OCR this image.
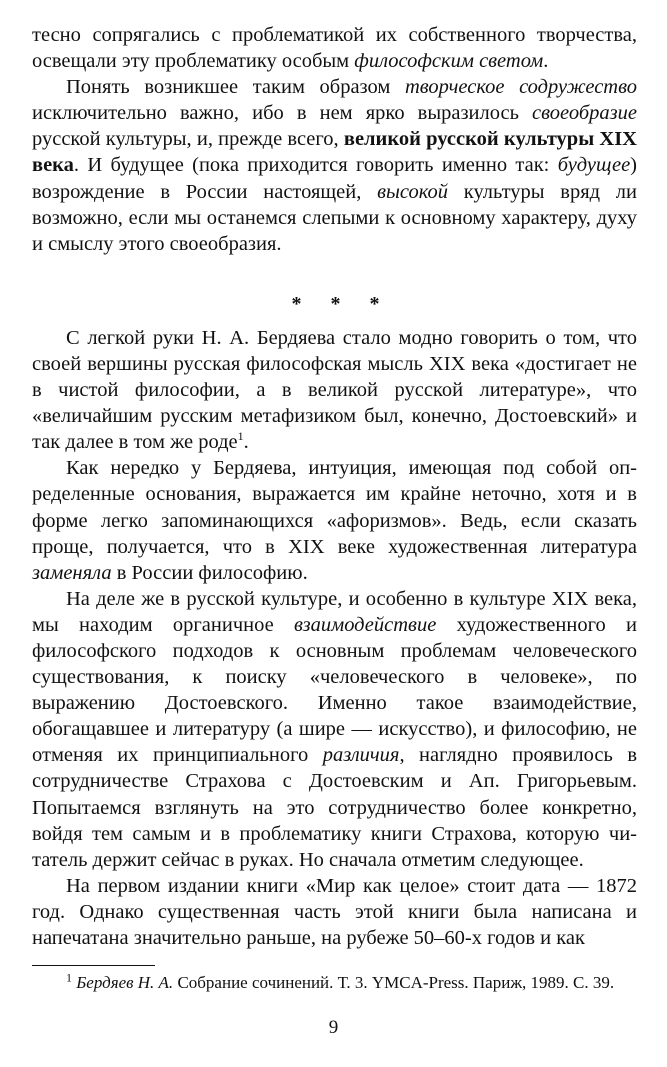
тесно сопрягались с проблематикой их собственного творчества, освещали эту проблематику особым философским светом.

Понять возникшее таким образом творческое содружество исключительно важно, ибо в нем ярко выразилось своеобразие русской культуры, и, прежде всего, великой русской культуры XIX века. И будущее (пока приходится говорить именно так: будущее) возрождение в России настоящей, высокой культуры вряд ли возможно, если мы останемся слепыми к основному характеру, духу и смыслу этого своеобразия.

* * *

С легкой руки Н. А. Бердяева стало модно говорить о том, что своей вершины русская философская мысль XIX века «достигает не в чистой философии, а в великой русской литературе», что «величайшим русским метафизиком был, конечно, Достоевский» и так далее в том же роде$^1$.

Как нередко у Бердяева, интуиция, имеющая под собой определенные основания, выражается им крайне неточно, хотя и в форме легко запоминающихся «афоризмов». Ведь, если сказать проще, получается, что в XIX веке художественная литература заменяла в России философию.

На деле же в русской культуре, и особенно в культуре XIX века, мы находим органичное взаимодействие художественного и философского подходов к основным проблемам человеческого существования, к поиску «человеческого в человеке», по выражению Достоевского. Именно такое взаимодействие, обогащавшее и литературу (а шире — искусство), и философию, не отменяя их принципиального различия, наглядно проявилось в сотрудничестве Страхова с Достоевским и Ап. Григорьевым. Попытаемся взглянуть на это сотрудничество более конкретно, войдя тем самым и в проблематику книги Страхова, которую читатель держит сейчас в руках. Но сначала отметим следующее.

На первом издании книги «Мир как целое» стоит дата — 1872 год. Однако существенная часть этой книги была написана и напечатана значительно раньше, на рубеже 50–60-х годов и как

$^1$ Бердяев Н. А. Собрание сочинений. Т. 3. YMCA-Press. Париж, 1989. С. 39.

9
